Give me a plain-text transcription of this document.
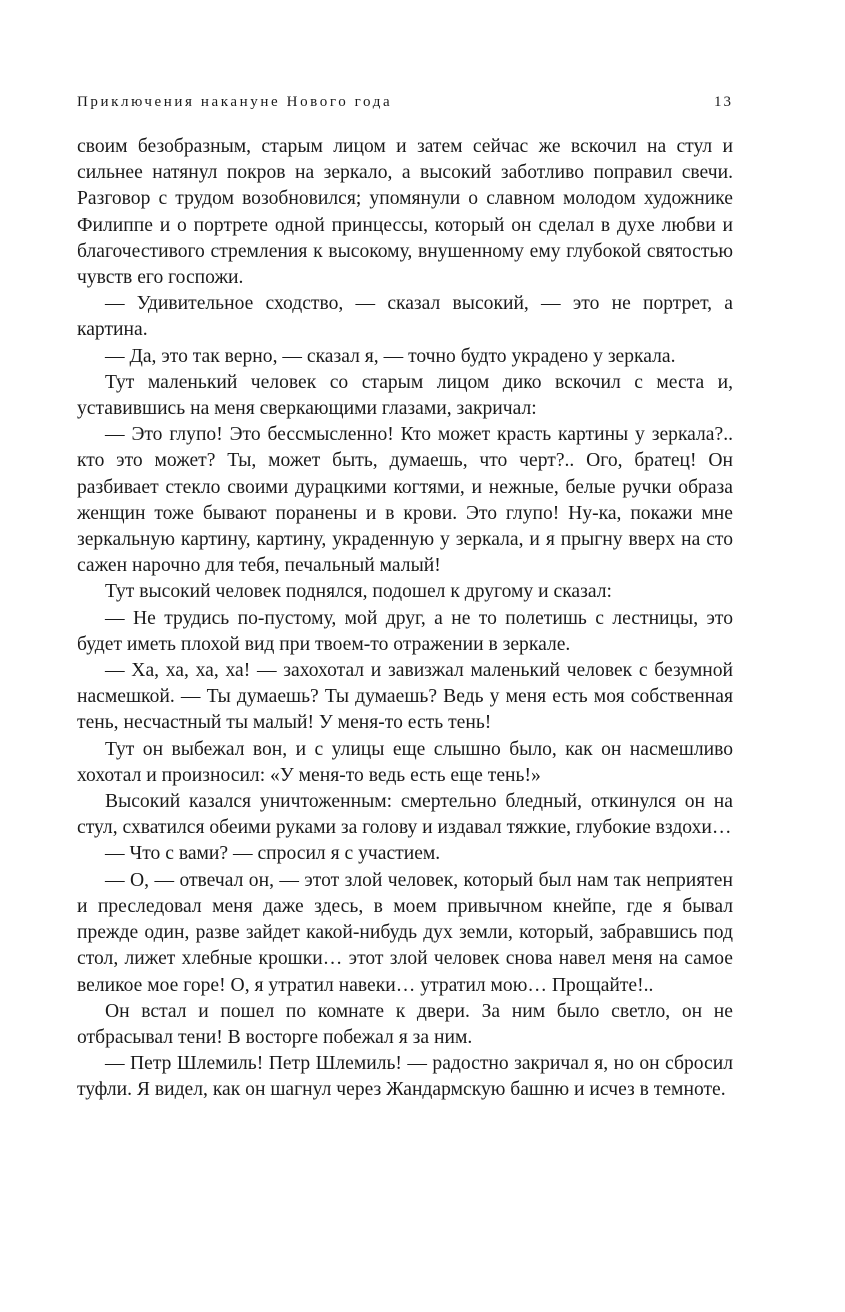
Приключения накануне Нового года	13

своим безобразным, старым лицом и затем сейчас же вскочил на стул и сильнее натянул покров на зеркало, а высокий заботливо поправил свечи. Разговор с трудом возобновился; упомянули о славном молодом художнике Филиппе и о портрете одной принцессы, который он сделал в духе любви и благочестивого стремления к высокому, внушенному ему глубокой святостью чувств его госпожи.

— Удивительное сходство, — сказал высокий, — это не портрет, а картина.

— Да, это так верно, — сказал я, — точно будто украдено у зеркала.

Тут маленький человек со старым лицом дико вскочил с места и, уставившись на меня сверкающими глазами, закричал:

— Это глупо! Это бессмысленно! Кто может красть картины у зеркала?.. кто это может? Ты, может быть, думаешь, что черт?.. Ого, братец! Он разбивает стекло своими дурацкими когтями, и нежные, белые ручки образа женщин тоже бывают поранены и в крови. Это глупо! Ну-ка, покажи мне зеркальную картину, картину, украденную у зеркала, и я прыгну вверх на сто сажен нарочно для тебя, печальный малый!

Тут высокий человек поднялся, подошел к другому и сказал:

— Не трудись по-пустому, мой друг, а не то полетишь с лестницы, это будет иметь плохой вид при твоем-то отражении в зеркале.

— Ха, ха, ха, ха! — захохотал и завизжал маленький человек с безумной насмешкой. — Ты думаешь? Ты думаешь? Ведь у меня есть моя собственная тень, несчастный ты малый! У меня-то есть тень!

Тут он выбежал вон, и с улицы еще слышно было, как он насмешливо хохотал и произносил: «У меня-то ведь есть еще тень!»

Высокий казался уничтоженным: смертельно бледный, откинулся он на стул, схватился обеими руками за голову и издавал тяжкие, глубокие вздохи…

— Что с вами? — спросил я с участием.

— О, — отвечал он, — этот злой человек, который был нам так неприятен и преследовал меня даже здесь, в моем привычном кнейпе, где я бывал прежде один, разве зайдет какой-нибудь дух земли, который, забравшись под стол, лижет хлебные крошки… этот злой человек снова навел меня на самое великое мое горе! О, я утратил навеки… утратил мою… Прощайте!..

Он встал и пошел по комнате к двери. За ним было светло, он не отбрасывал тени! В восторге побежал я за ним.

— Петр Шлемиль! Петр Шлемиль! — радостно закричал я, но он сбросил туфли. Я видел, как он шагнул через Жандармскую башню и исчез в темноте.
